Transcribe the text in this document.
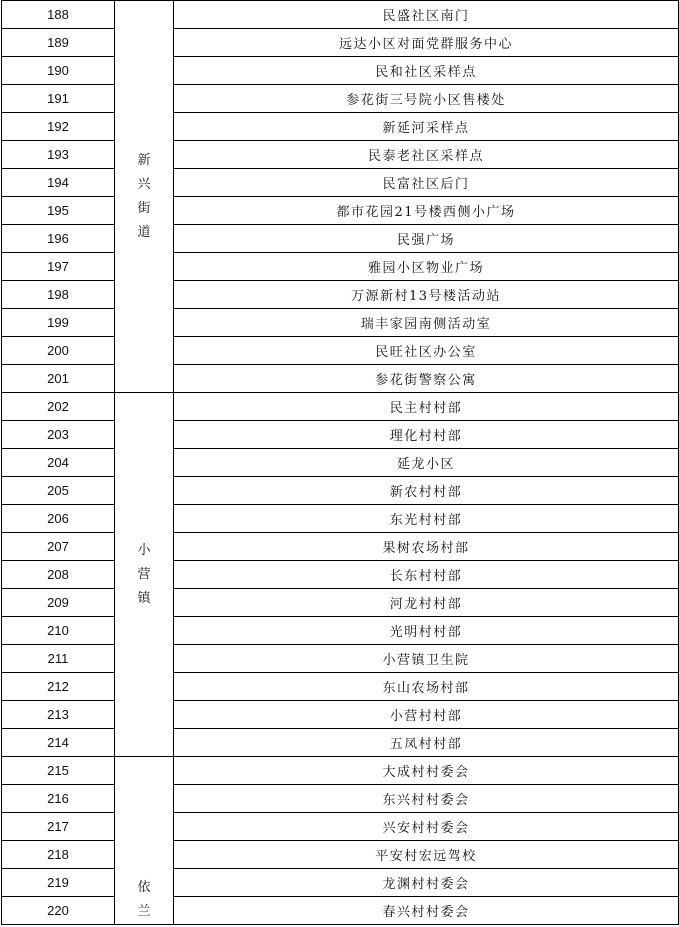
188	新兴街道	民盛社区南门
189		远达小区对面党群服务中心
190		民和社区采样点
191		参花街三号院小区售楼处
192		新延河采样点
193		民泰老社区采样点
194		民富社区后门
195		都市花园21号楼西侧小广场
196		民强广场
197		雅园小区物业广场
198		万源新村13号楼活动站
199		瑞丰家园南侧活动室
200		民旺社区办公室
201		参花街警察公寓
202	小营镇	民主村村部
203		理化村村部
204		延龙小区
205		新农村村部
206		东光村村部
207		果树农场村部
208		长东村村部
209		河龙村村部
210		光明村村部
211		小营镇卫生院
212		东山农场村部
213		小营村村部
214		五凤村村部
215	依兰	大成村村委会
216		东兴村村委会
217		兴安村村委会
218		平安村宏远驾校
219		龙渊村村委会
220		春兴村村委会
